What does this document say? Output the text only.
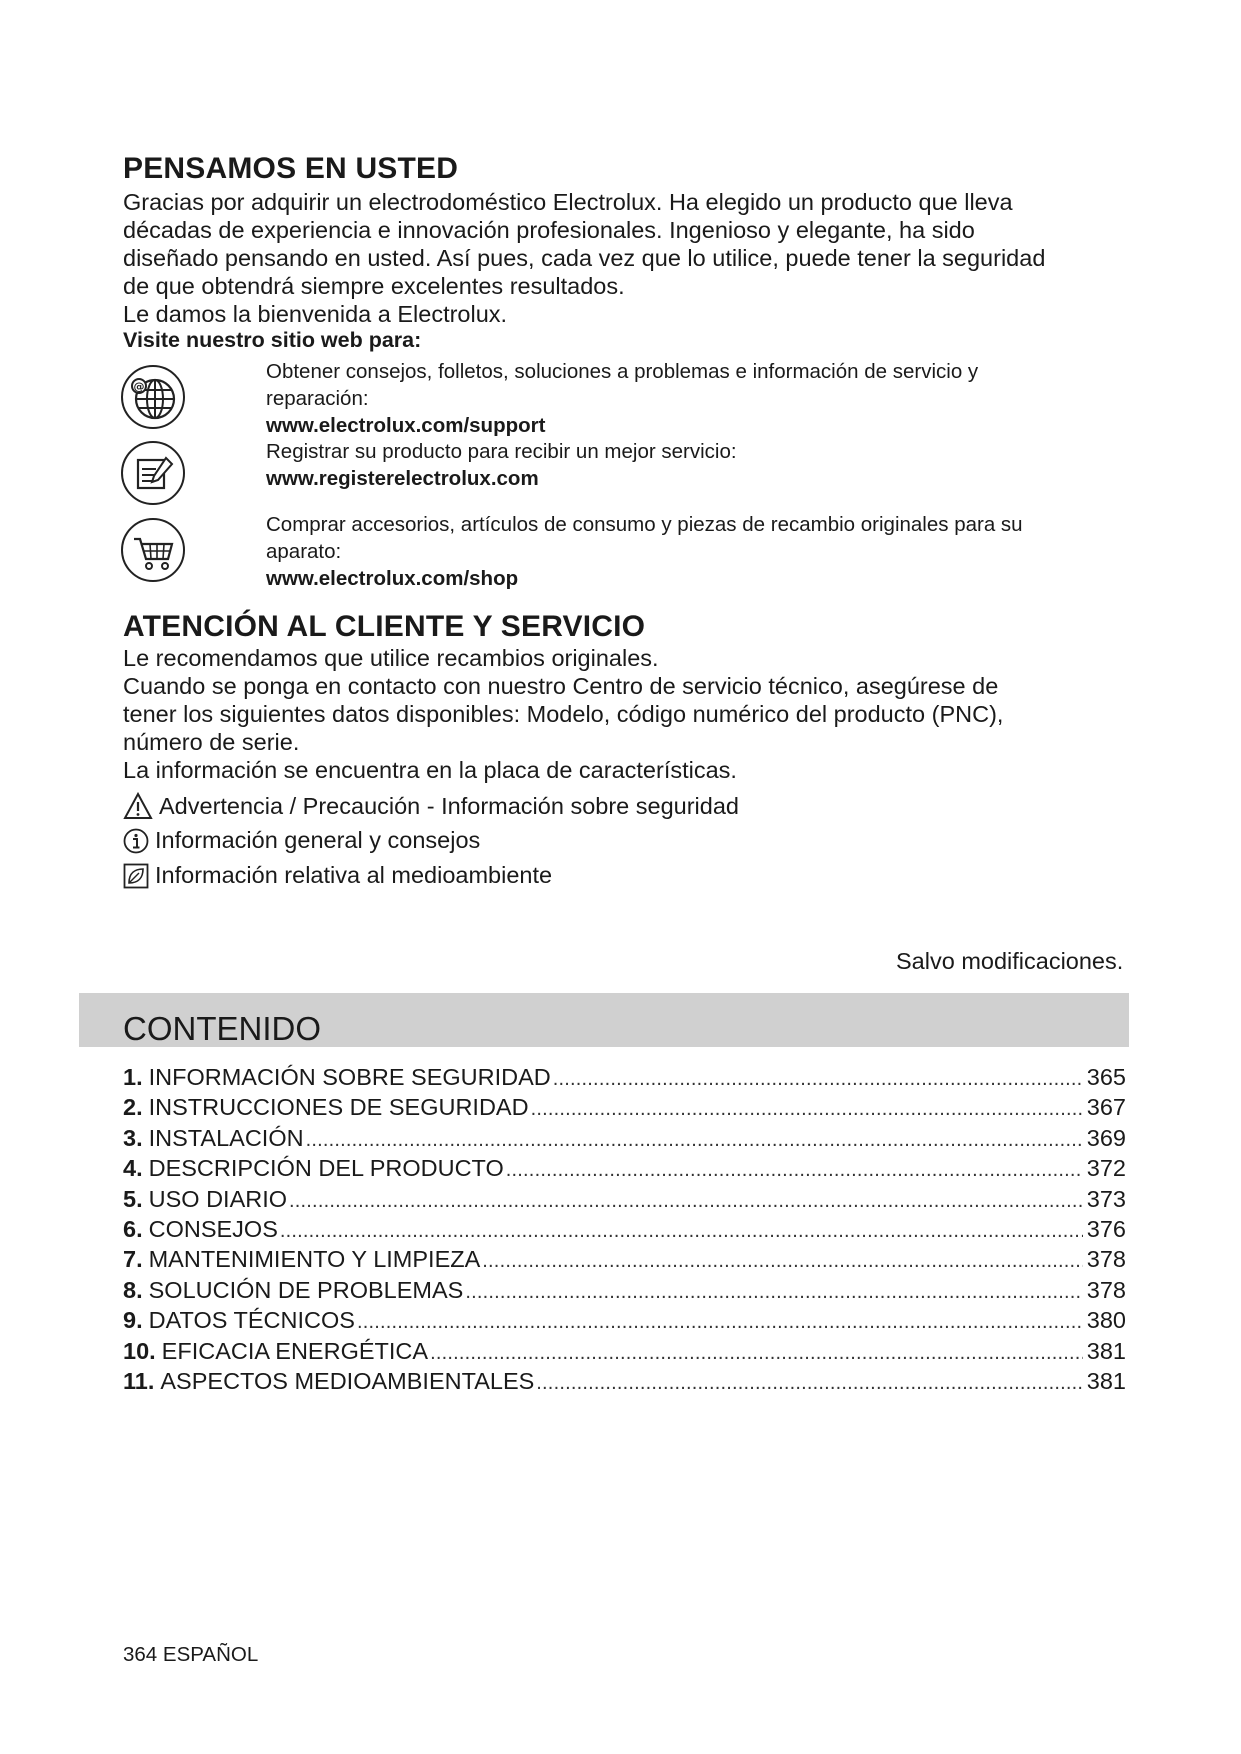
PENSAMOS EN USTED
Gracias por adquirir un electrodoméstico Electrolux. Ha elegido un producto que lleva
décadas de experiencia e innovación profesionales. Ingenioso y elegante, ha sido
diseñado pensando en usted. Así pues, cada vez que lo utilice, puede tener la seguridad
de que obtendrá siempre excelentes resultados.
Le damos la bienvenida a Electrolux.
Visite nuestro sitio web para:
@
Obtener consejos, folletos, soluciones a problemas e información de servicio y
reparación:
www.electrolux.com/support
Registrar su producto para recibir un mejor servicio:
www.registerelectrolux.com
Comprar accesorios, artículos de consumo y piezas de recambio originales para su
aparato:
www.electrolux.com/shop
ATENCIÓN AL CLIENTE Y SERVICIO
Le recomendamos que utilice recambios originales.
Cuando se ponga en contacto con nuestro Centro de servicio técnico, asegúrese de
tener los siguientes datos disponibles: Modelo, código numérico del producto (PNC),
número de serie.
La información se encuentra en la placa de características.
Advertencia / Precaución - Información sobre seguridad
Información general y consejos
Información relativa al medioambiente
Salvo modificaciones.
CONTENIDO
1. INFORMACIÓN SOBRE SEGURIDAD .....	365
2. INSTRUCCIONES DE SEGURIDAD .....	367
3. INSTALACIÓN .....	369
4. DESCRIPCIÓN DEL PRODUCTO .....	372
5. USO DIARIO .....	373
6. CONSEJOS .....	376
7. MANTENIMIENTO Y LIMPIEZA .....	378
8. SOLUCIÓN DE PROBLEMAS .....	378
9. DATOS TÉCNICOS .....	380
10. EFICACIA ENERGÉTICA .....	381
11. ASPECTOS MEDIOAMBIENTALES .....	381
364 ESPAÑOL
